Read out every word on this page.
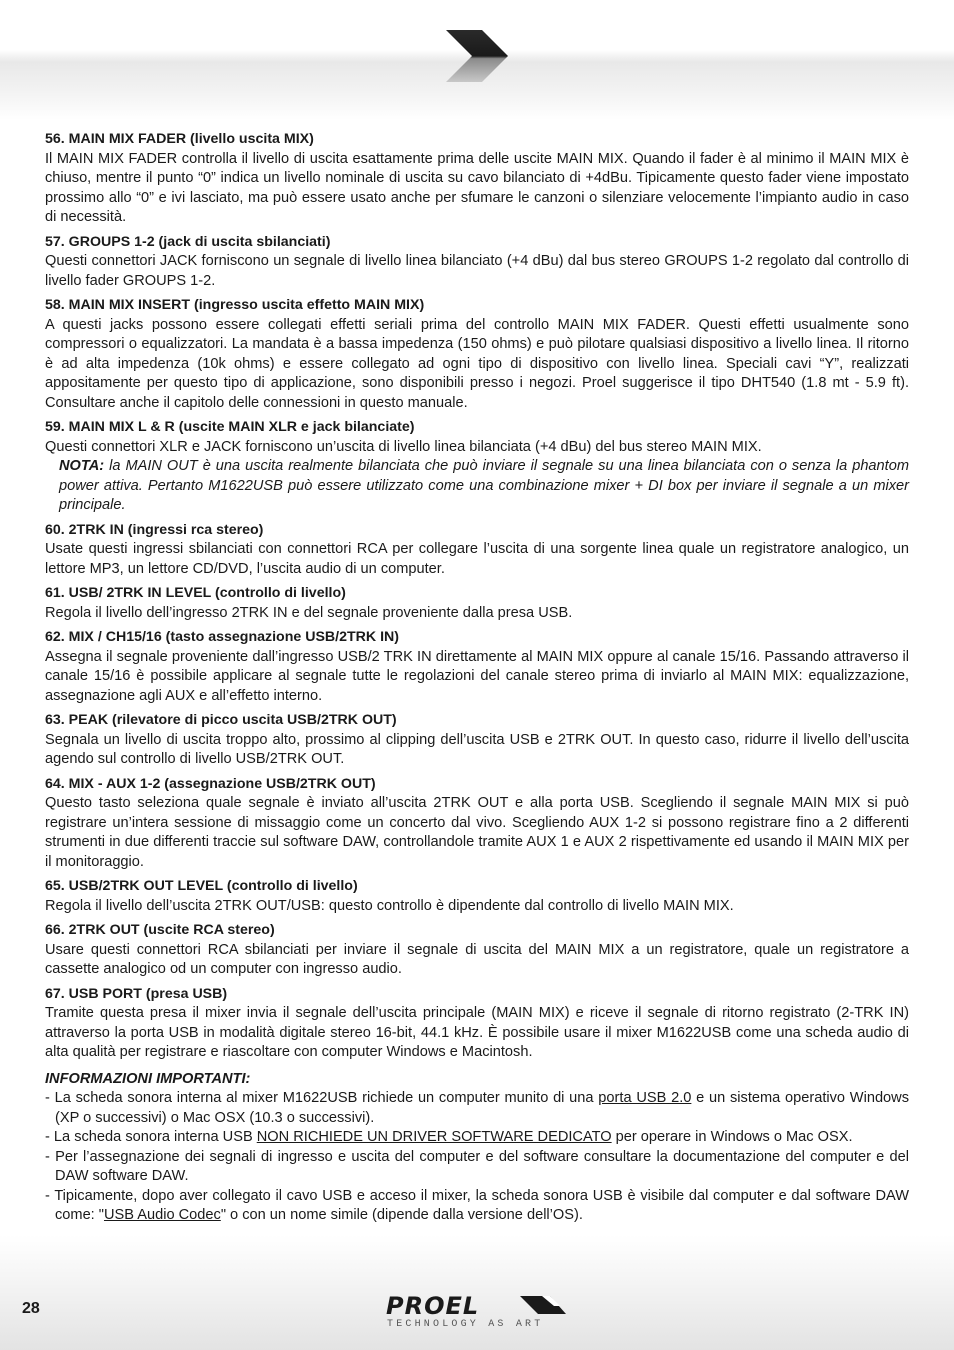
56. MAIN MIX FADER (livello uscita MIX)

Il MAIN MIX FADER controlla il livello di uscita esattamente prima delle uscite MAIN MIX. Quando il fader è al minimo il MAIN MIX è chiuso, mentre il punto “0” indica un livello nominale di uscita su cavo bilanciato di +4dBu. Tipicamente questo fader viene impostato prossimo allo “0” e ivi lasciato, ma può essere usato anche per sfumare le canzoni o silenziare velocemente l’impianto audio in caso di necessità.

57. GROUPS 1-2 (jack di uscita sbilanciati)

Questi connettori JACK forniscono un segnale di livello linea bilanciato (+4 dBu) dal bus stereo GROUPS 1-2 regolato dal controllo di livello fader GROUPS 1-2.

58. MAIN MIX INSERT (ingresso uscita effetto MAIN MIX)

A questi jacks possono essere collegati effetti seriali prima del controllo MAIN MIX FADER. Questi effetti usualmente sono compressori o equalizzatori. La mandata è a bassa impedenza (150 ohms) e può pilotare qualsiasi dispositivo a livello linea. Il ritorno è ad alta impedenza (10k ohms) e essere collegato ad ogni tipo di dispositivo con livello linea. Speciali cavi “Y”, realizzati appositamente per questo tipo di applicazione, sono disponibili presso i negozi. Proel suggerisce il tipo DHT540 (1.8 mt - 5.9 ft). Consultare anche il capitolo delle connessioni in questo manuale.

59. MAIN MIX L & R (uscite MAIN XLR e jack bilanciate)

Questi connettori XLR e JACK forniscono un’uscita di livello linea bilanciata (+4 dBu) del bus stereo MAIN MIX.

NOTA: la MAIN OUT è una uscita realmente bilanciata che può inviare il segnale su una linea bilanciata con o senza la phantom power attiva. Pertanto M1622USB può essere utilizzato come una combinazione mixer + DI box per inviare il segnale a un mixer principale.

60. 2TRK IN (ingressi rca stereo)

Usate questi ingressi sbilanciati con connettori RCA per collegare l’uscita di una sorgente linea quale un registratore analogico, un lettore MP3, un lettore CD/DVD, l’uscita audio di un computer.

61. USB/ 2TRK IN LEVEL (controllo di livello)

Regola il livello dell’ingresso 2TRK IN e del segnale proveniente dalla presa USB.

62. MIX / CH15/16 (tasto assegnazione USB/2TRK IN)

Assegna il segnale proveniente dall’ingresso USB/2 TRK IN direttamente al MAIN MIX oppure al canale 15/16. Passando attraverso il canale 15/16 è possibile applicare al segnale tutte le regolazioni del canale stereo prima di inviarlo al MAIN MIX: equalizzazione, assegnazione agli AUX e all’effetto interno.

63. PEAK (rilevatore di picco uscita USB/2TRK OUT)

Segnala un livello di uscita troppo alto, prossimo al clipping dell’uscita USB e 2TRK OUT. In questo caso, ridurre il livello dell’uscita agendo sul controllo di livello USB/2TRK OUT.

64. MIX - AUX 1-2 (assegnazione USB/2TRK OUT)

Questo tasto seleziona quale segnale è inviato all’uscita 2TRK OUT e alla porta USB. Scegliendo il segnale MAIN MIX si può registrare un’intera sessione di missaggio come un concerto dal vivo. Scegliendo AUX 1-2 si possono registrare fino a 2 differenti strumenti in due differenti traccie sul software DAW, controllandole tramite AUX 1 e AUX 2 rispettivamente ed usando il MAIN MIX per il monitoraggio.

65. USB/2TRK OUT LEVEL (controllo di livello)

Regola il livello dell’uscita 2TRK OUT/USB: questo controllo è dipendente dal controllo di livello MAIN MIX.

66. 2TRK OUT (uscite RCA stereo)

Usare questi connettori RCA sbilanciati per inviare il segnale di uscita del MAIN MIX a un registratore, quale un registratore a cassette analogico od un computer con ingresso audio.

67. USB PORT (presa USB)

Tramite questa presa il mixer invia il segnale dell’uscita principale (MAIN MIX) e riceve il segnale di ritorno registrato (2-TRK IN) attraverso la porta USB in modalità digitale stereo 16-bit, 44.1 kHz. È possibile usare il mixer M1622USB come una scheda audio di alta qualità per registrare e riascoltare con computer Windows e Macintosh.

INFORMAZIONI IMPORTANTI:

- La scheda sonora interna al mixer M1622USB richiede un computer munito di una porta USB 2.0 e un sistema operativo Windows (XP o successivi) o Mac OSX (10.3 o successivi).

- La scheda sonora interna USB NON RICHIEDE UN DRIVER SOFTWARE DEDICATO per operare in Windows o Mac OSX.

- Per l’assegnazione dei segnali di ingresso e uscita del computer e del software consultare la documentazione del computer e del DAW software DAW.

- Tipicamente, dopo aver collegato il cavo USB e acceso il mixer, la scheda sonora USB è visibile dal computer e dal software DAW come: "USB Audio Codec" o con un nome simile (dipende dalla versione dell’OS).

28	PROEL
TECHNOLOGY AS ART
